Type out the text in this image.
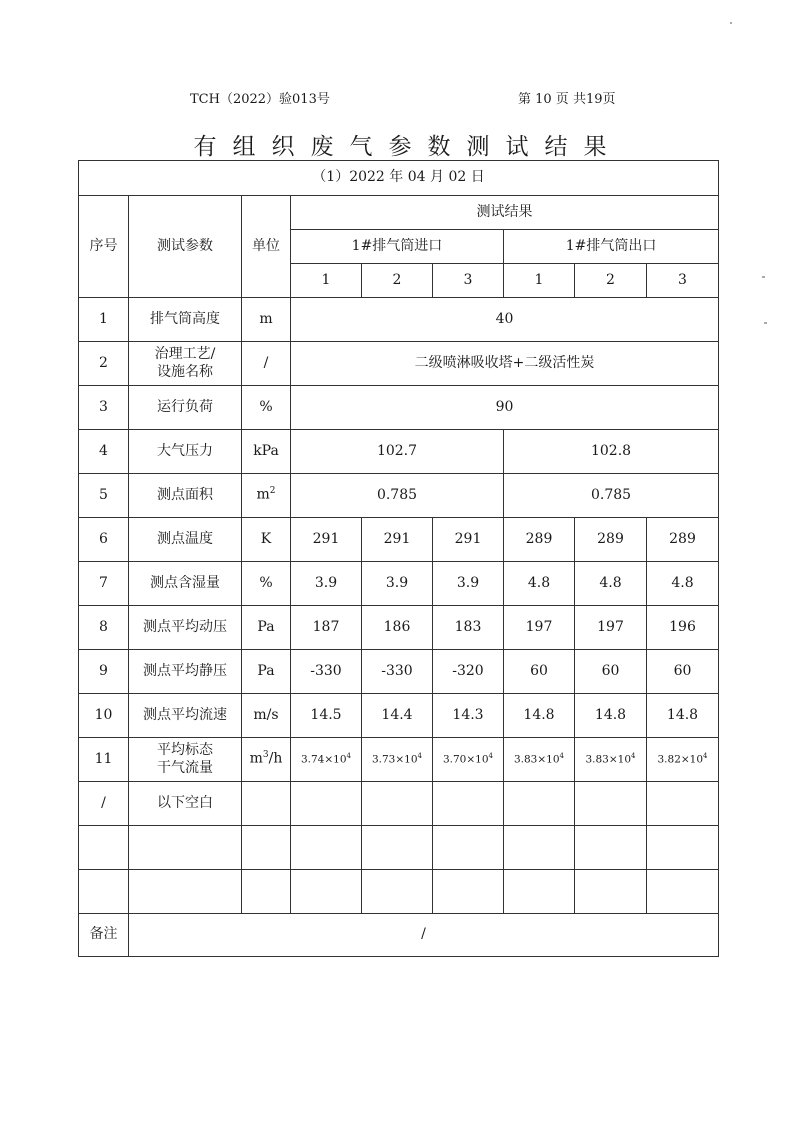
TCH（2022）验013号	第 10 页 共19页
有组织废气参数测试结果
（1）2022 年 04 月 02 日								
序号	测试参数	单位	测试结果					
			1#排气筒进口			1#排气筒出口		
			1	2	3	1	2	3
1	排气筒高度	m	40					
2	治理工艺/
设施名称	/	二级喷淋吸收塔+二级活性炭					
3	运行负荷	%	90					
4	大气压力	kPa	102.7			102.8		
5	测点面积	$m^2$	0.785			0.785		
6	测点温度	K	291	291	291	289	289	289
7	测点含湿量	%	3.9	3.9	3.9	4.8	4.8	4.8
8	测点平均动压	Pa	187	186	183	197	197	196
9	测点平均静压	Pa	-330	-330	-320	60	60	60
10	测点平均流速	m/s	14.5	14.4	14.3	14.8	14.8	14.8
11	平均标态
干气流量	$m^3/h$	$3.74\times 10^4$	$3.73\times 10^4$	$3.70\times 10^4$	$3.83\times 10^4$	$3.83\times 10^4$	$3.82\times 10^4$
/	以下空白							

备注	/							
